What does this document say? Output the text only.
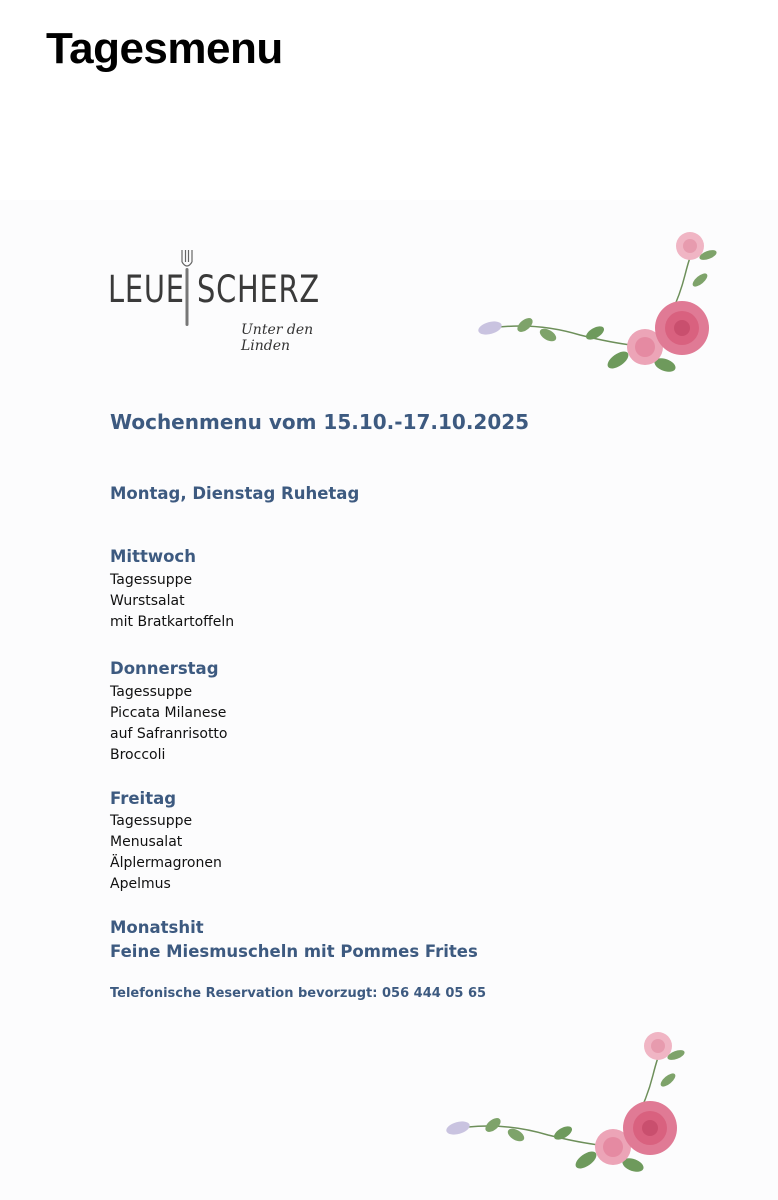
Tagesmenu
LEUE SCHERZ
Unter den Linden
Wochenmenu vom 15.10.-17.10.2025
Montag, Dienstag Ruhetag
Mittwoch
Tagessuppe
Wurstsalat
mit Bratkartoffeln
Donnerstag
Tagessuppe
Piccata Milanese
auf Safranrisotto
Broccoli
Freitag
Tagessuppe
Menusalat
Älplermagronen
Apelmus
Monatshit
Feine Miesmuscheln mit Pommes Frites
Telefonische Reservation bevorzugt: 056 444 05 65
